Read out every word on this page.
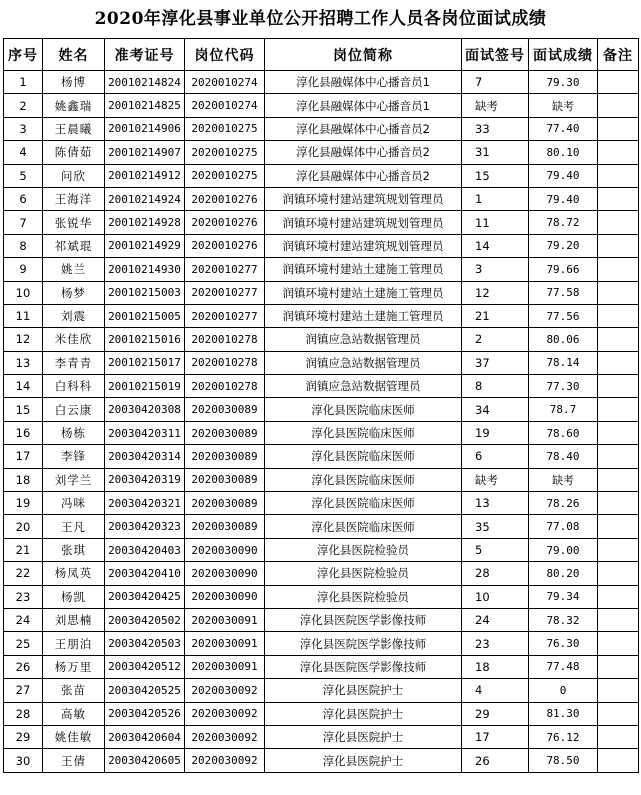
2020年淳化县事业单位公开招聘工作人员各岗位面试成绩
序号	姓名	准考证号	岗位代码	岗位简称	面试签号	面试成绩	备注
1	杨博	20010214824	2020010274	淳化县融媒体中心播音员1	7	79.30	
2	姚鑫瑞	20010214825	2020010274	淳化县融媒体中心播音员1	缺考	缺考	
3	王晨曦	20010214906	2020010275	淳化县融媒体中心播音员2	33	77.40	
4	陈倩茹	20010214907	2020010275	淳化县融媒体中心播音员2	31	80.10	
5	问欣	20010214912	2020010275	淳化县融媒体中心播音员2	15	79.40	
6	王海洋	20010214924	2020010276	润镇环境村建站建筑规划管理员	1	79.40	
7	张锐华	20010214928	2020010276	润镇环境村建站建筑规划管理员	11	78.72	
8	祁斌琨	20010214929	2020010276	润镇环境村建站建筑规划管理员	14	79.20	
9	姚兰	20010214930	2020010277	润镇环境村建站土建施工管理员	3	79.66	
10	杨梦	20010215003	2020010277	润镇环境村建站土建施工管理员	12	77.58	
11	刘震	20010215005	2020010277	润镇环境村建站土建施工管理员	21	77.56	
12	米佳欣	20010215016	2020010278	润镇应急站数据管理员	2	80.06	
13	李青青	20010215017	2020010278	润镇应急站数据管理员	37	78.14	
14	白科科	20010215019	2020010278	润镇应急站数据管理员	8	77.30	
15	白云康	20030420308	2020030089	淳化县医院临床医师	34	78.7	
16	杨栋	20030420311	2020030089	淳化县医院临床医师	19	78.60	
17	李锋	20030420314	2020030089	淳化县医院临床医师	6	78.40	
18	刘学兰	20030420319	2020030089	淳化县医院临床医师	缺考	缺考	
19	冯咪	20030420321	2020030089	淳化县医院临床医师	13	78.26	
20	王凡	20030420323	2020030089	淳化县医院临床医师	35	77.08	
21	张琪	20030420403	2020030090	淳化县医院检验员	5	79.00	
22	杨凤英	20030420410	2020030090	淳化县医院检验员	28	80.20	
23	杨凯	20030420425	2020030090	淳化县医院检验员	10	79.34	
24	刘思楠	20030420502	2020030091	淳化县医院医学影像技师	24	78.32	
25	王朋泊	20030420503	2020030091	淳化县医院医学影像技师	23	76.30	
26	杨万里	20030420512	2020030091	淳化县医院医学影像技师	18	77.48	
27	张苗	20030420525	2020030092	淳化县医院护士	4	0	
28	高敏	20030420526	2020030092	淳化县医院护士	29	81.30	
29	姚佳敏	20030420604	2020030092	淳化县医院护士	17	76.12	
30	王倩	20030420605	2020030092	淳化县医院护士	26	78.50	
